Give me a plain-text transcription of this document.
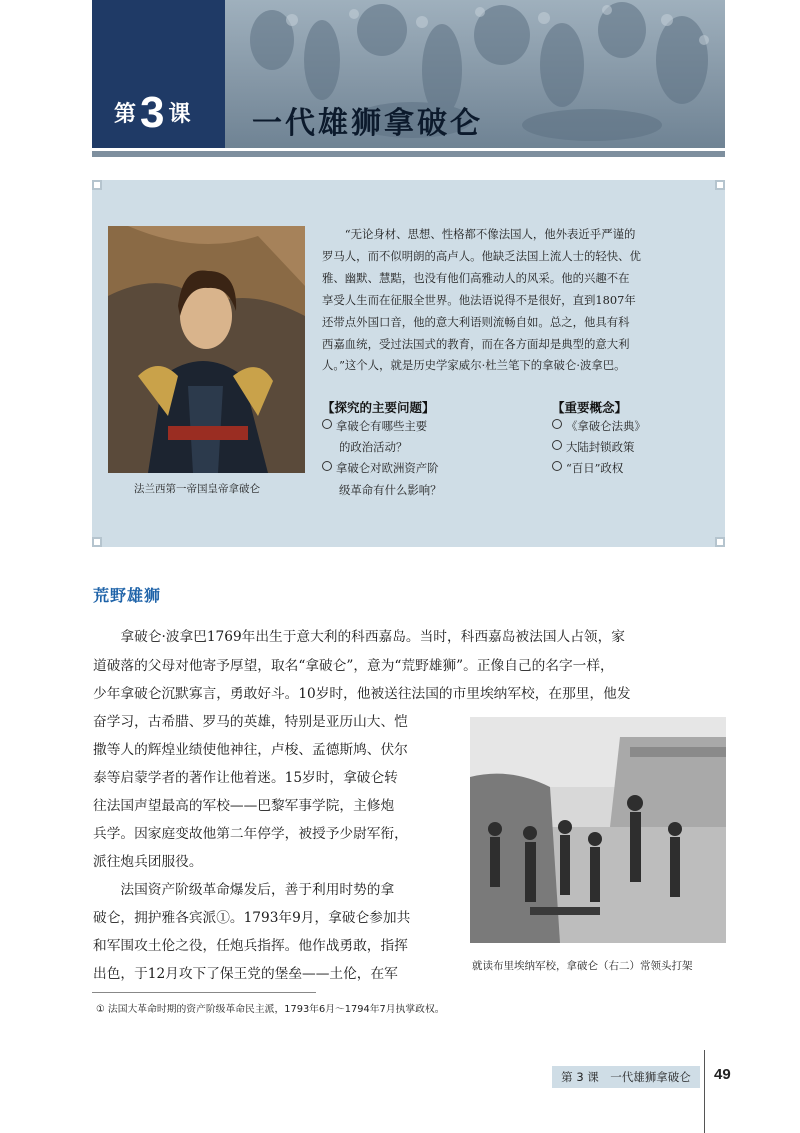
第3 课 一代雄狮拿破仑
法兰西第一帝国皇帝拿破仑
“无论身材、思想、性格都不像法国人，他外表近乎严谨的
罗马人，而不似明朗的高卢人。他缺乏法国上流人士的轻快、优
雅、幽默、慧黠，也没有他们高雅动人的风采。他的兴趣不在
享受人生而在征服全世界。他法语说得不是很好，直到1807年
还带点外国口音，他的意大利语则流畅自如。总之，他具有科
西嘉血统，受过法国式的教育，而在各方面却是典型的意大利
人。”这个人，就是历史学家威尔·杜兰笔下的拿破仑·波拿巴。
【探究的主要问题】
拿破仑有哪些主要
的政治活动？
拿破仑对欧洲资产阶
级革命有什么影响？
【重要概念】
《拿破仑法典》
大陆封锁政策
“百日”政权
荒野雄狮
　　拿破仑·波拿巴1769年出生于意大利的科西嘉岛。当时，科西嘉岛被法国人占领，家
道破落的父母对他寄予厚望，取名“拿破仑”，意为“荒野雄狮”。正像自己的名字一样，
少年拿破仑沉默寡言，勇敢好斗。10岁时，他被送往法国的市里埃纳军校，在那里，他发
奋学习，古希腊、罗马的英雄，特别是亚历山大、恺
撒等人的辉煌业绩使他神往，卢梭、孟德斯鸠、伏尔
泰等启蒙学者的著作让他着迷。15岁时，拿破仑转
往法国声望最高的军校——巴黎军事学院，主修炮
兵学。因家庭变故他第二年停学，被授予少尉军衔，
派往炮兵团服役。
　　法国资产阶级革命爆发后，善于利用时势的拿
破仑，拥护雅各宾派①。1793年9月，拿破仑参加共
和军围攻土伦之役，任炮兵指挥。他作战勇敢，指挥
出色，于12月攻下了保王党的堡垒——土伦，在军	就读布里埃纳军校，拿破仑（右二）常领头打架
① 法国大革命时期的资产阶级革命民主派，1793年6月～1794年7月执掌政权。
第 3 课　一代雄狮拿破仑	49
